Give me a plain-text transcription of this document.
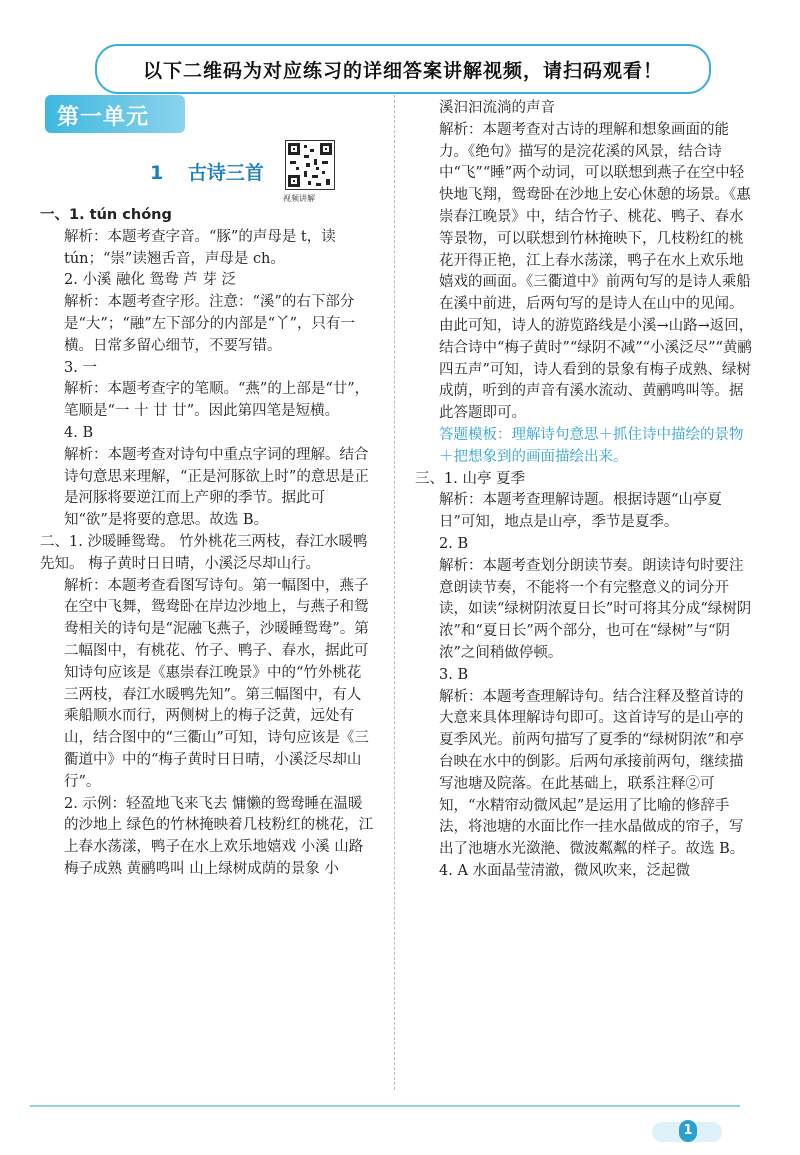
以下二维码为对应练习的详细答案讲解视频，请扫码观看！
第一单元
1 古诗三首
视频讲解

一、1. tún chóng

解析：本题考查字音。“豚”的声母是 t，读 tún；“崇”读翘舌音，声母是 ch。

2. 小溪 融化 鸳鸯 芦 芽 泛

解析：本题考查字形。注意：“溪”的右下部分是“大”；“融”左下部分的内部是“丫”，只有一横。日常多留心细节，不要写错。

3. 一

解析：本题考查字的笔顺。“燕”的上部是“廿”，笔顺是“一 十 廿 廿”。因此第四笔是短横。

4. B

解析：本题考查对诗句中重点字词的理解。结合诗句意思来理解，“正是河豚欲上时”的意思是正是河豚将要逆江而上产卵的季节。据此可知“欲”是将要的意思。故选 B。

二、1. 沙暖睡鸳鸯。 竹外桃花三两枝，春江水暖鸭先知。 梅子黄时日日晴，小溪泛尽却山行。

解析：本题考查看图写诗句。第一幅图中，燕子在空中飞舞，鸳鸯卧在岸边沙地上，与燕子和鸳鸯相关的诗句是“泥融飞燕子，沙暖睡鸳鸯”。第二幅图中，有桃花、竹子、鸭子、春水，据此可知诗句应该是《惠崇春江晚景》中的“竹外桃花三两枝，春江水暖鸭先知”。第三幅图中，有人乘船顺水而行，两侧树上的梅子泛黄，远处有山，结合图中的“三衢山”可知，诗句应该是《三衢道中》中的“梅子黄时日日晴，小溪泛尽却山行”。

2. 示例：轻盈地飞来飞去 慵懒的鸳鸯睡在温暖的沙地上 绿色的竹林掩映着几枝粉红的桃花，江上春水荡漾，鸭子在水上欢乐地嬉戏 小溪 山路 梅子成熟 黄鹂鸣叫 山上绿树成荫的景象 小

溪汩汩流淌的声音

解析：本题考查对古诗的理解和想象画面的能力。《绝句》描写的是浣花溪的风景，结合诗中“飞”“睡”两个动词，可以联想到燕子在空中轻快地飞翔，鸳鸯卧在沙地上安心休憩的场景。《惠崇春江晚景》中，结合竹子、桃花、鸭子、春水等景物，可以联想到竹林掩映下，几枝粉红的桃花开得正艳，江上春水荡漾，鸭子在水上欢乐地嬉戏的画面。《三衢道中》前两句写的是诗人乘船在溪中前进，后两句写的是诗人在山中的见闻。由此可知，诗人的游览路线是小溪→山路→返回，结合诗中“梅子黄时”“绿阴不减”“小溪泛尽”“黄鹂四五声”可知，诗人看到的景象有梅子成熟、绿树成荫，听到的声音有溪水流动、黄鹂鸣叫等。据此答题即可。

答题模板：理解诗句意思＋抓住诗中描绘的景物＋把想象到的画面描绘出来。

三、1. 山亭 夏季

解析：本题考查理解诗题。根据诗题“山亭夏日”可知，地点是山亭，季节是夏季。

2. B

解析：本题考查划分朗读节奏。朗读诗句时要注意朗读节奏，不能将一个有完整意义的词分开读，如读“绿树阴浓夏日长”时可将其分成“绿树阴浓”和“夏日长”两个部分，也可在“绿树”与“阴浓”之间稍做停顿。

3. B

解析：本题考查理解诗句。结合注释及整首诗的大意来具体理解诗句即可。这首诗写的是山亭的夏季风光。前两句描写了夏季的“绿树阴浓”和亭台映在水中的倒影。后两句承接前两句，继续描写池塘及院落。在此基础上，联系注释②可知，“水精帘动微风起”是运用了比喻的修辞手法，将池塘的水面比作一挂水晶做成的帘子，写出了池塘水光潋滟、微波粼粼的样子。故选 B。

4. A 水面晶莹清澈，微风吹来，泛起微

1
